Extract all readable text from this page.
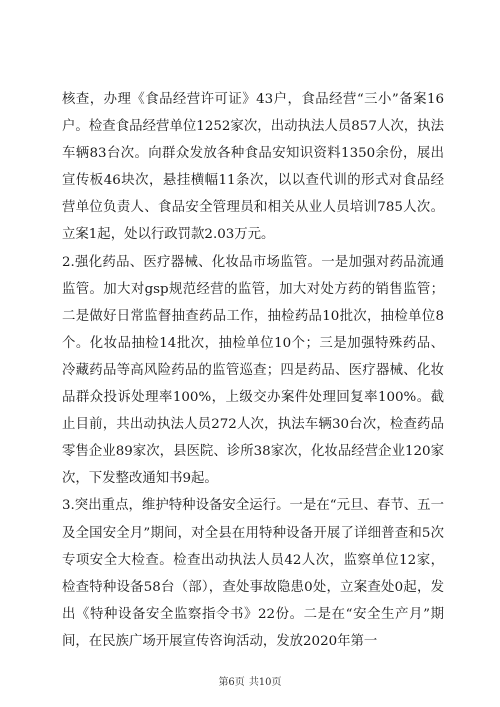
核查，办理《食品经营许可证》43户，食品经营“三小”备案16户。检查食品经营单位1252家次，出动执法人员857人次，执法车辆83台次。向群众发放各种食品安知识资料1350余份，展出宣传板46块次，悬挂横幅11条次，以以查代训的形式对食品经营单位负责人、食品安全管理员和相关从业人员培训785人次。立案1起，处以行政罚款2.03万元。

2.强化药品、医疗器械、化妆品市场监管。一是加强对药品流通监管。加大对gsp规范经营的监管，加大对处方药的销售监管；二是做好日常监督抽查药品工作，抽检药品10批次，抽检单位8个。化妆品抽检14批次，抽检单位10个；三是加强特殊药品、冷藏药品等高风险药品的监管巡查；四是药品、医疗器械、化妆品群众投诉处理率100%，上级交办案件处理回复率100%。截止目前，共出动执法人员272人次，执法车辆30台次，检查药品零售企业89家次，县医院、诊所38家次，化妆品经营企业120家次，下发整改通知书9起。

3.突出重点，维护特种设备安全运行。一是在“元旦、春节、五一及全国安全月”期间，对全县在用特种设备开展了详细普查和5次专项安全大检查。检查出动执法人员42人次，监察单位12家，检查特种设备58台（部），查处事故隐患0处，立案查处0起，发出《特种设备安全监察指令书》22份。二是在“安全生产月”期间，在民族广场开展宣传咨询活动，发放2020年第一

第6页 共10页
